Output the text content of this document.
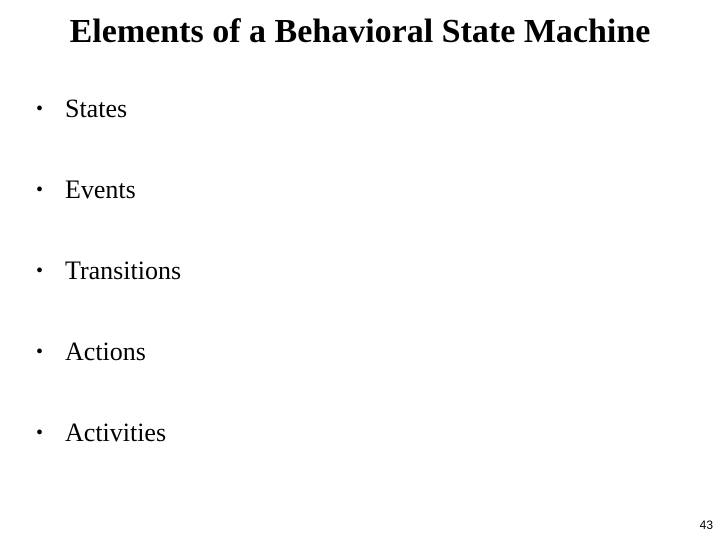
Elements of a Behavioral State Machine
• States
• Events
• Transitions
• Actions
• Activities
43
